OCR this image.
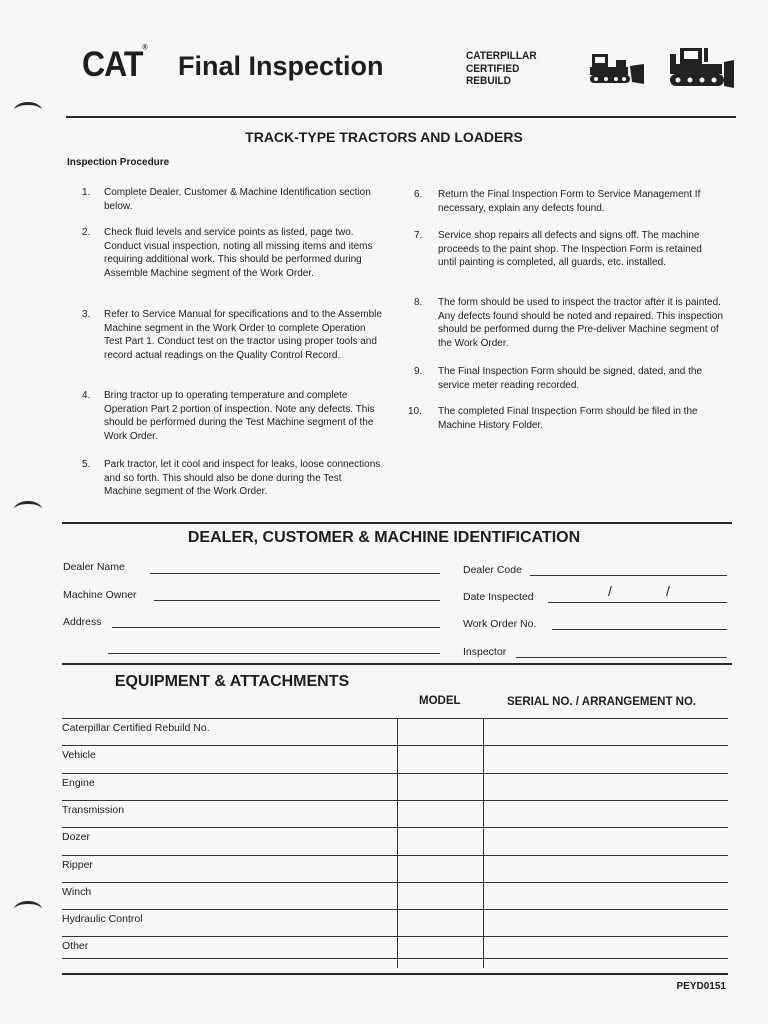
CAT®
Final Inspection	CATERPILLAR
CERTIFIED
REBUILD
TRACK-TYPE TRACTORS AND LOADERS
Inspection Procedure
1. Complete Dealer, Customer & Machine Identification section below.
2. Check fluid levels and service points as listed, page two. Conduct visual inspection, noting all missing items and items requiring additional work. This should be performed during Assemble Machine segment of the Work Order.
3. Refer to Service Manual for specifications and to the Assemble Machine segment in the Work Order to complete Operation Test Part 1. Conduct test on the tractor using proper tools and record actual readings on the Quality Control Record.
4. Bring tractor up to operating temperature and complete Operation Part 2 portion of inspection. Note any defects. This should be performed during the Test Machine segment of the Work Order.
5. Park tractor, let it cool and inspect for leaks, loose connections and so forth. This should also be done during the Test Machine segment of the Work Order.
6. Return the Final Inspection Form to Service Management If necessary, explain any defects found.
7. Service shop repairs all defects and signs off. The machine proceeds to the paint shop. The Inspection Form is retained until painting is completed, all guards, etc. installed.
8. The form should be used to inspect the tractor after it is painted. Any defects found should be noted and repaired. This inspection should be performed durng the Pre-deliver Machine segment of the Work Order.
9. The Final Inspection Form should be signed, dated, and the service meter reading recorded.
10. The completed Final Inspection Form should be filed in the Machine History Folder.
DEALER, CUSTOMER & MACHINE IDENTIFICATION
Dealer Name
Machine Owner
Address
Dealer Code
Date Inspected	/	/
Work Order No.
Inspector
EQUIPMENT & ATTACHMENTS
MODEL	SERIAL NO. / ARRANGEMENT NO.
Caterpillar Certified Rebuild No.
Vehicle
Engine
Transmission
Dozer
Ripper
Winch
Hydraulic Control
Other
PEYD0151
